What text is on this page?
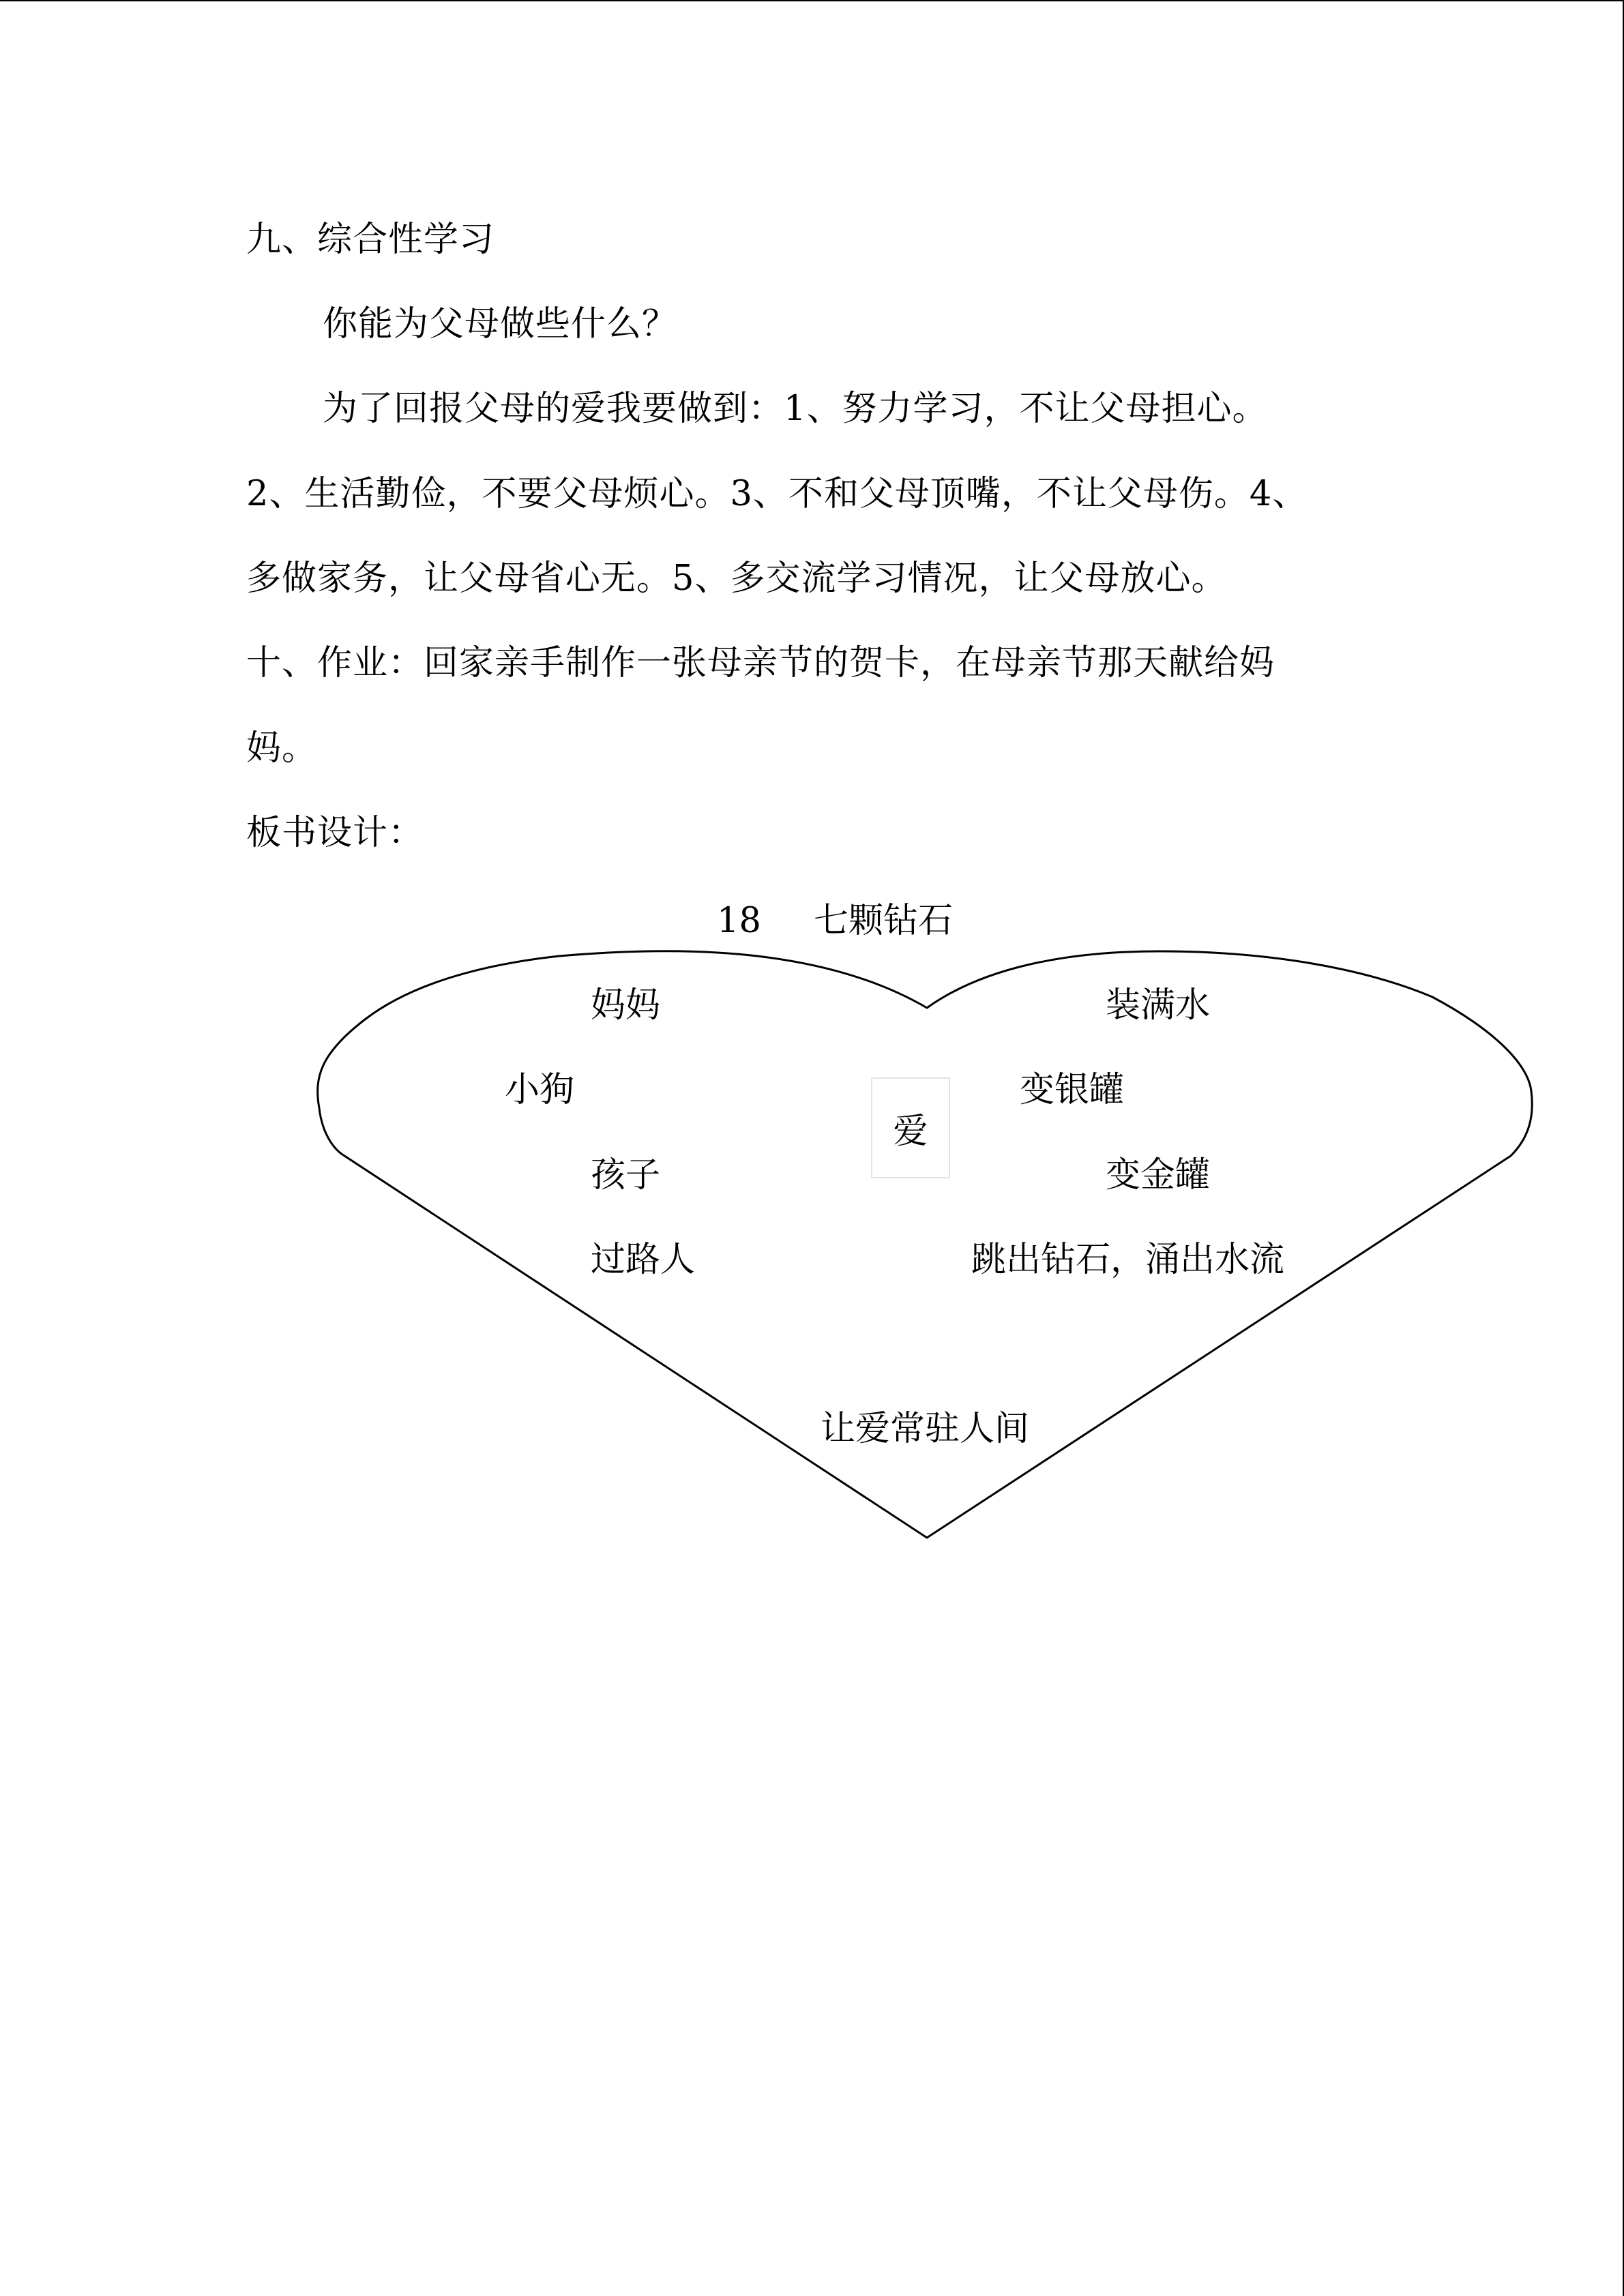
九、综合性学习
你能为父母做些什么？
为了回报父母的爱我要做到：1、努力学习，不让父母担心。
2、生活勤俭，不要父母烦心。3、不和父母顶嘴，不让父母伤。4、
多做家务，让父母省心无。5、多交流学习情况，让父母放心。
十、作业：回家亲手制作一张母亲节的贺卡，在母亲节那天献给妈
妈。
板书设计：
18 七颗钻石
妈妈
小狗
孩子
过路人
装满水
变银罐
变金罐
跳出钻石，涌出水流
爱
让爱常驻人间
